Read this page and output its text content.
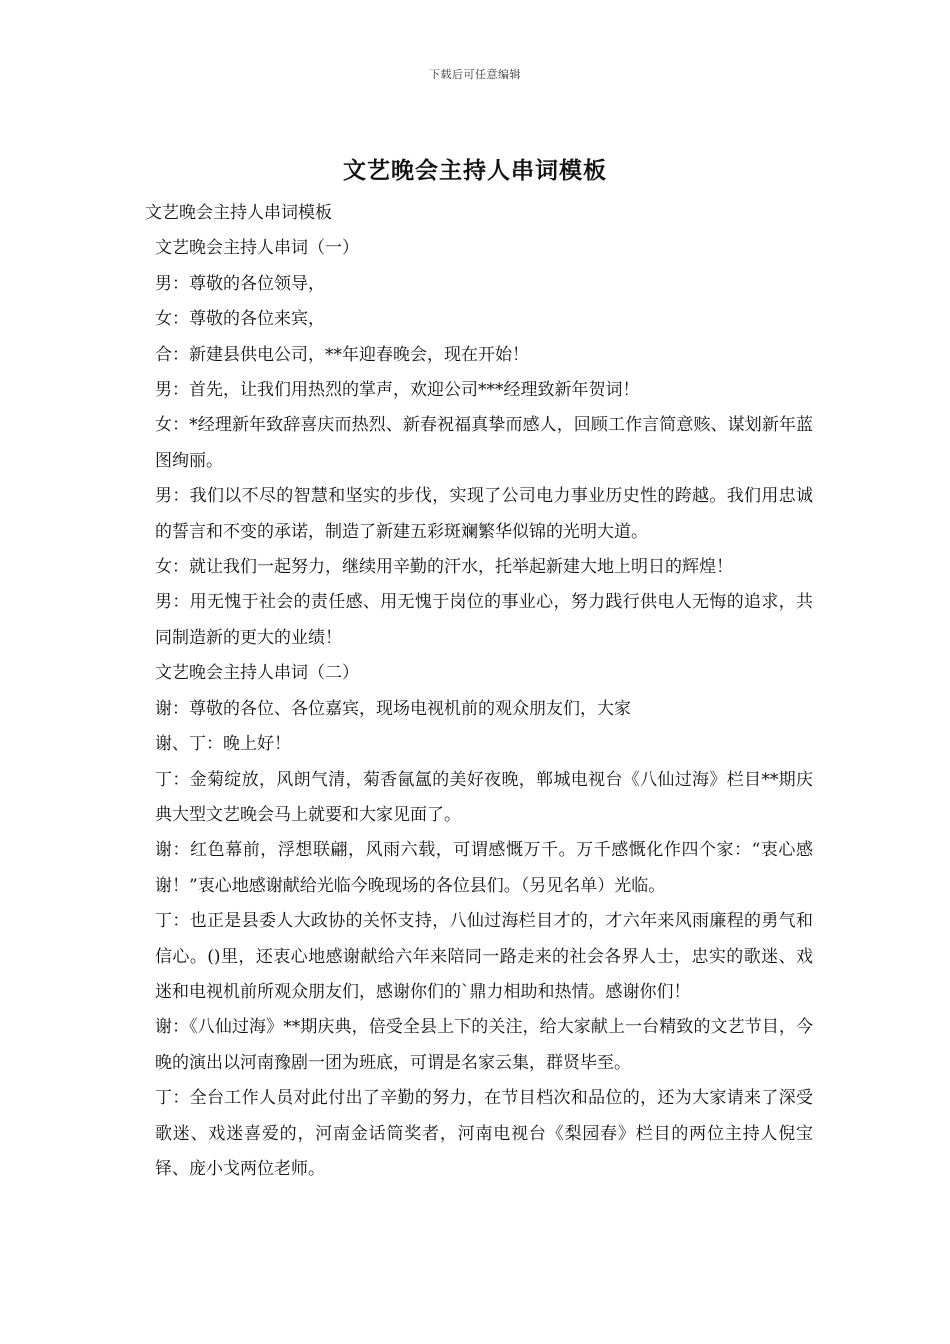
下载后可任意编辑
文艺晚会主持人串词模板

文艺晚会主持人串词模板

文艺晚会主持人串词（一）

男：尊敬的各位领导，

女：尊敬的各位来宾，

合：新建县供电公司，**年迎春晚会，现在开始！

男：首先，让我们用热烈的掌声，欢迎公司***经理致新年贺词！

女：*经理新年致辞喜庆而热烈、新春祝福真挚而感人，回顾工作言简意赅、谋划新年蓝图绚丽。

男：我们以不尽的智慧和坚实的步伐，实现了公司电力事业历史性的跨越。我们用忠诚的誓言和不变的承诺，制造了新建五彩斑斓繁华似锦的光明大道。

女：就让我们一起努力，继续用辛勤的汗水，托举起新建大地上明日的辉煌！

男：用无愧于社会的责任感、用无愧于岗位的事业心，努力践行供电人无悔的追求，共同制造新的更大的业绩！

文艺晚会主持人串词（二）

谢：尊敬的各位、各位嘉宾，现场电视机前的观众朋友们，大家

谢、丁：晚上好！

丁：金菊绽放，风朗气清，菊香氤氲的美好夜晚，郸城电视台《八仙过海》栏目**期庆典大型文艺晚会马上就要和大家见面了。

谢：红色幕前，浮想联翩，风雨六载，可谓感慨万千。万千感慨化作四个家：“衷心感谢！”衷心地感谢献给光临今晚现场的各位县们。（另见名单）光临。

丁：也正是县委人大政协的关怀支持，八仙过海栏目才的，才六年来风雨廉程的勇气和信心。()里，还衷心地感谢献给六年来陪同一路走来的社会各界人士，忠实的歌迷、戏迷和电视机前所观众朋友们，感谢你们的`鼎力相助和热情。感谢你们！

谢：《八仙过海》**期庆典，倍受全县上下的关注，给大家献上一台精致的文艺节目，今晚的演出以河南豫剧一团为班底，可谓是名家云集，群贤毕至。

丁：全台工作人员对此付出了辛勤的努力，在节目档次和品位的，还为大家请来了深受歌迷、戏迷喜爱的，河南金话筒奖者，河南电视台《梨园春》栏目的两位主持人倪宝铎、庞小戈两位老师。
